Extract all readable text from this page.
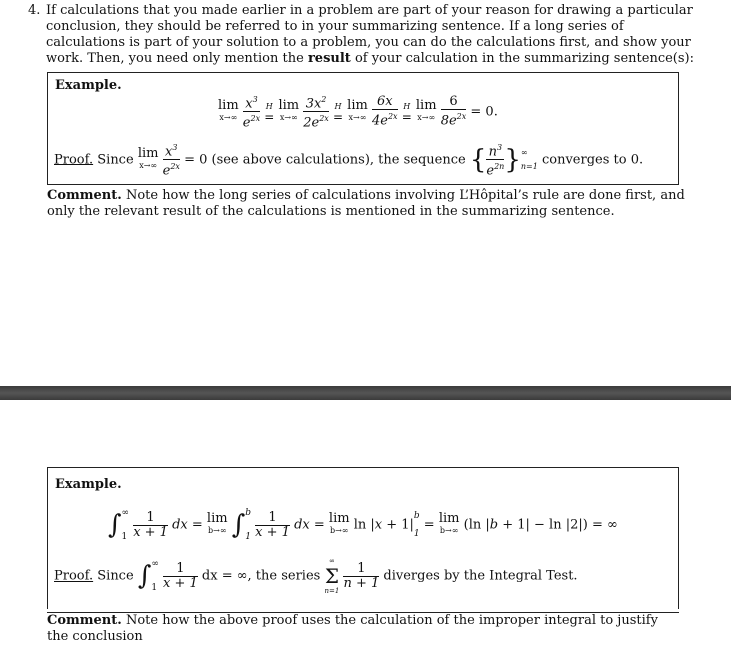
4. If calculations that you made earlier in a problem are part of your reason for drawing a particular conclusion, they should be referred to in your summarizing sentence. If a long series of calculations is part of your solution to a problem, you can do the calculations first, and show your work. Then, you need only mention the result of your calculation in the summarizing sentence(s):
Example.
lim
x→∞
$\frac{x^3}{e^{2x}}$
H
= lim
x→∞
$\frac{3x^2}{2e^{2x}}$
H
= lim
x→∞
$\frac{6x}{4e^{2x}}$
H
= lim
x→∞
$\frac{6}{8e^{2x}} = 0$.
Proof. Since lim
x→∞
$\frac{x^3}{e^{2x}} = 0$ (see above calculations), the sequence { $\frac{n^3}{e^{2n}}$ } ∞
n=1 converges to 0.
Comment. Note how the long series of calculations involving L’Hôpital’s rule are done first, and only the relevant result of the calculations is mentioned in the summarizing sentence.
Example.
∫ ∞
1
$\frac{1}{x + 1}$ dx = lim
b→∞ ∫ b
1
$\frac{1}{x + 1}$ dx = lim
b→∞ ln |x + 1|
b
1
= lim
b→∞ (ln |b + 1| − ln |2|) = ∞
Proof. Since ∫ ∞
1
$\frac{1}{x + 1}$ dx = ∞, the series
∞
Σ
n=1

$\frac{1}{n + 1}$ diverges by the Integral Test.
Comment. Note how the above proof uses the calculation of the improper integral to justify the conclusion
